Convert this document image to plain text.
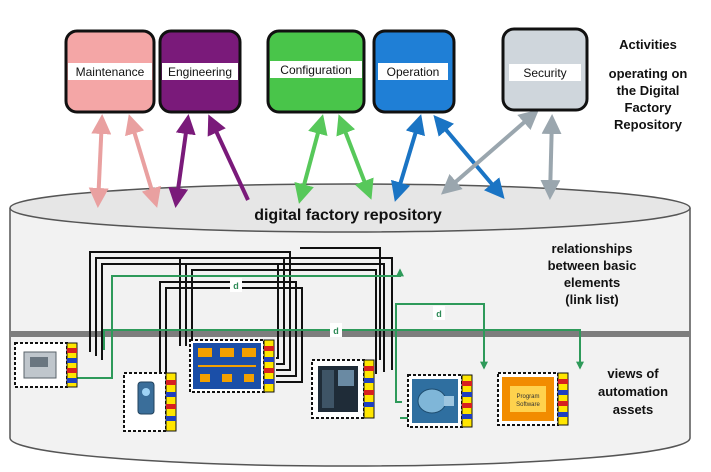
digital factory repository
Maintenance Engineering	Configuration	Operation	Security
Activities
operating on
the Digital
Factory
Repository
relationships
between basic
elements
(link list)
views of
automation
assets
d
d
d
Program
Software
